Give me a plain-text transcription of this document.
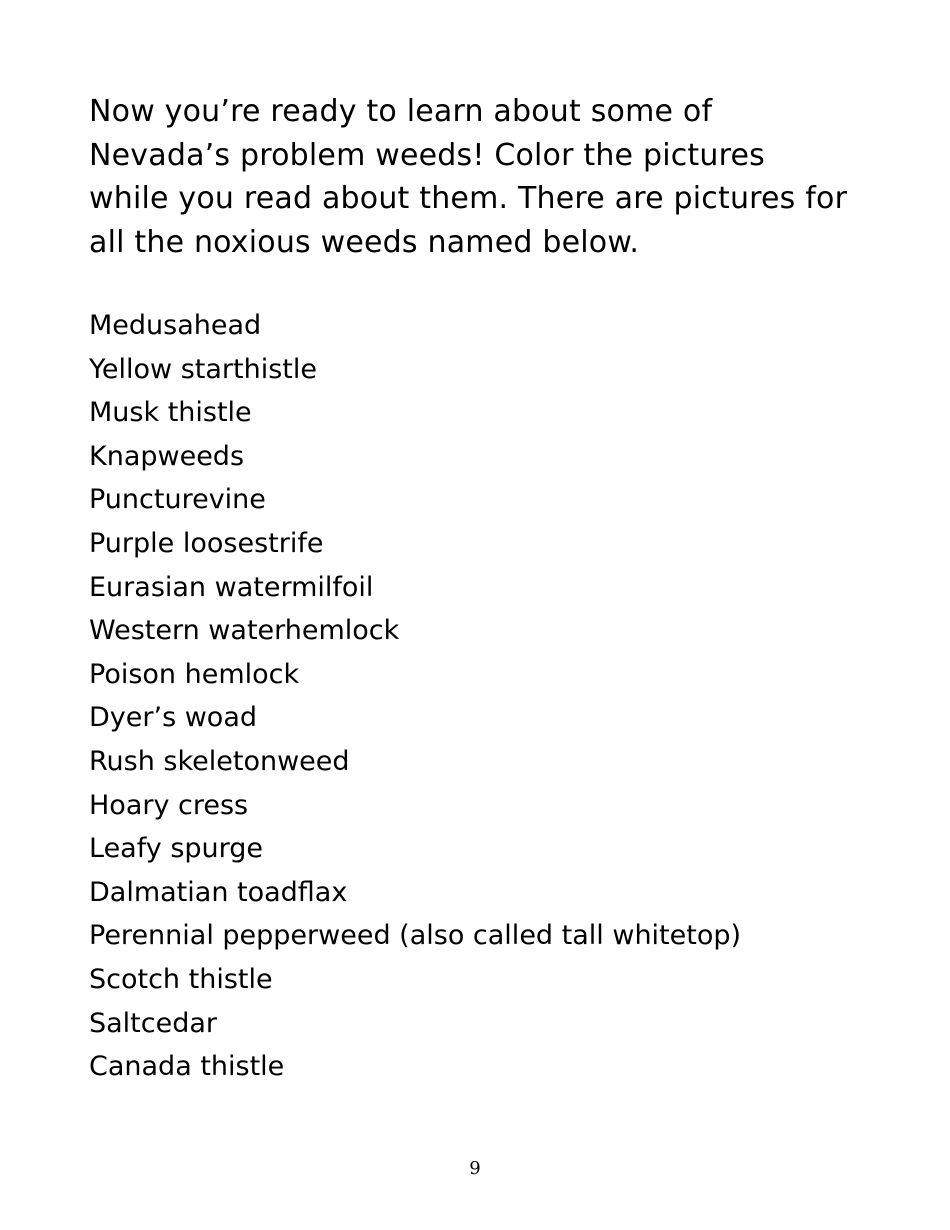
Now you’re ready to learn about some of Nevada’s problem weeds! Color the pictures while you read about them. There are pictures for all the noxious weeds named below.

Medusahead
Yellow starthistle
Musk thistle
Knapweeds
Puncturevine
Purple loosestrife
Eurasian watermilfoil
Western waterhemlock
Poison hemlock
Dyer’s woad
Rush skeletonweed
Hoary cress
Leafy spurge
Dalmatian toadflax
Perennial pepperweed (also called tall whitetop)
Scotch thistle
Saltcedar
Canada thistle
9
